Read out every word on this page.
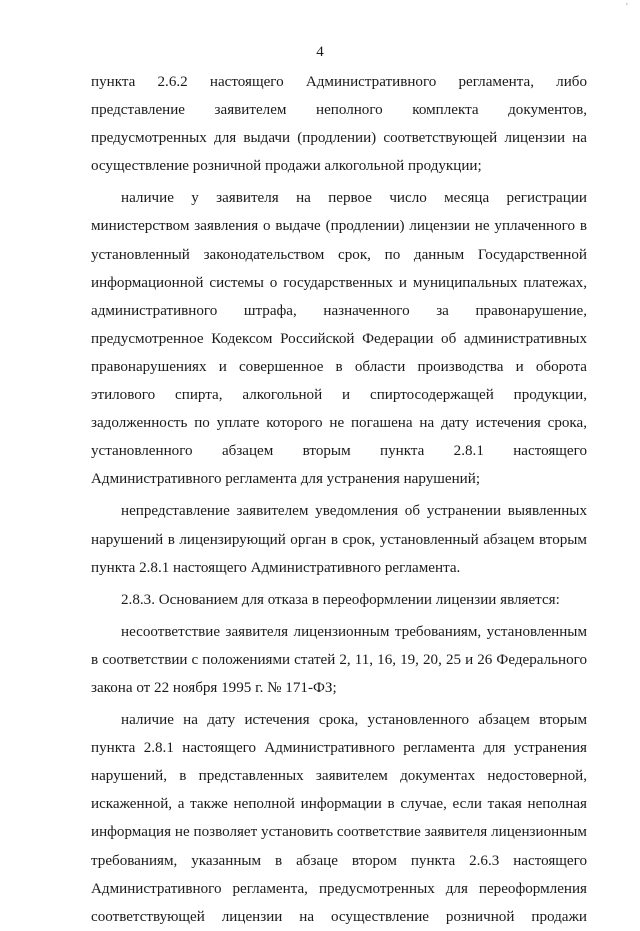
'
4

пункта 2.6.2 настоящего Административного регламента, либо представление заявителем неполного комплекта документов, предусмотренных для выдачи (продлении) соответствующей лицензии на осуществление розничной продажи алкогольной продукции;

наличие у заявителя на первое число месяца регистрации министерством заявления о выдаче (продлении) лицензии не уплаченного в установленный законодательством срок, по данным Государственной информационной системы о государственных и муниципальных платежах, административного штрафа, назначенного за правонарушение, предусмотренное Кодексом Российской Федерации об административных правонарушениях и совершенное в области производства и оборота этилового спирта, алкогольной и спиртосодержащей продукции, задолженность по уплате которого не погашена на дату истечения срока, установленного абзацем вторым пункта 2.8.1 настоящего Административного регламента для устранения нарушений;

непредставление заявителем уведомления об устранении выявленных нарушений в лицензирующий орган в срок, установленный абзацем вторым пункта 2.8.1 настоящего Административного регламента.

2.8.3. Основанием для отказа в переоформлении лицензии является:

несоответствие заявителя лицензионным требованиям, установленным в соответствии с положениями статей 2, 11, 16, 19, 20, 25 и 26 Федерального закона от 22 ноября 1995 г. № 171-ФЗ;

наличие на дату истечения срока, установленного абзацем вторым пункта 2.8.1 настоящего Административного регламента для устранения нарушений, в представленных заявителем документах недостоверной, искаженной, а также неполной информации в случае, если такая неполная информация не позволяет установить соответствие заявителя лицензионным требованиям, указанным в абзаце втором пункта 2.6.3 настоящего Административного регламента, предусмотренных для переоформления соответствующей лицензии на осуществление розничной продажи
